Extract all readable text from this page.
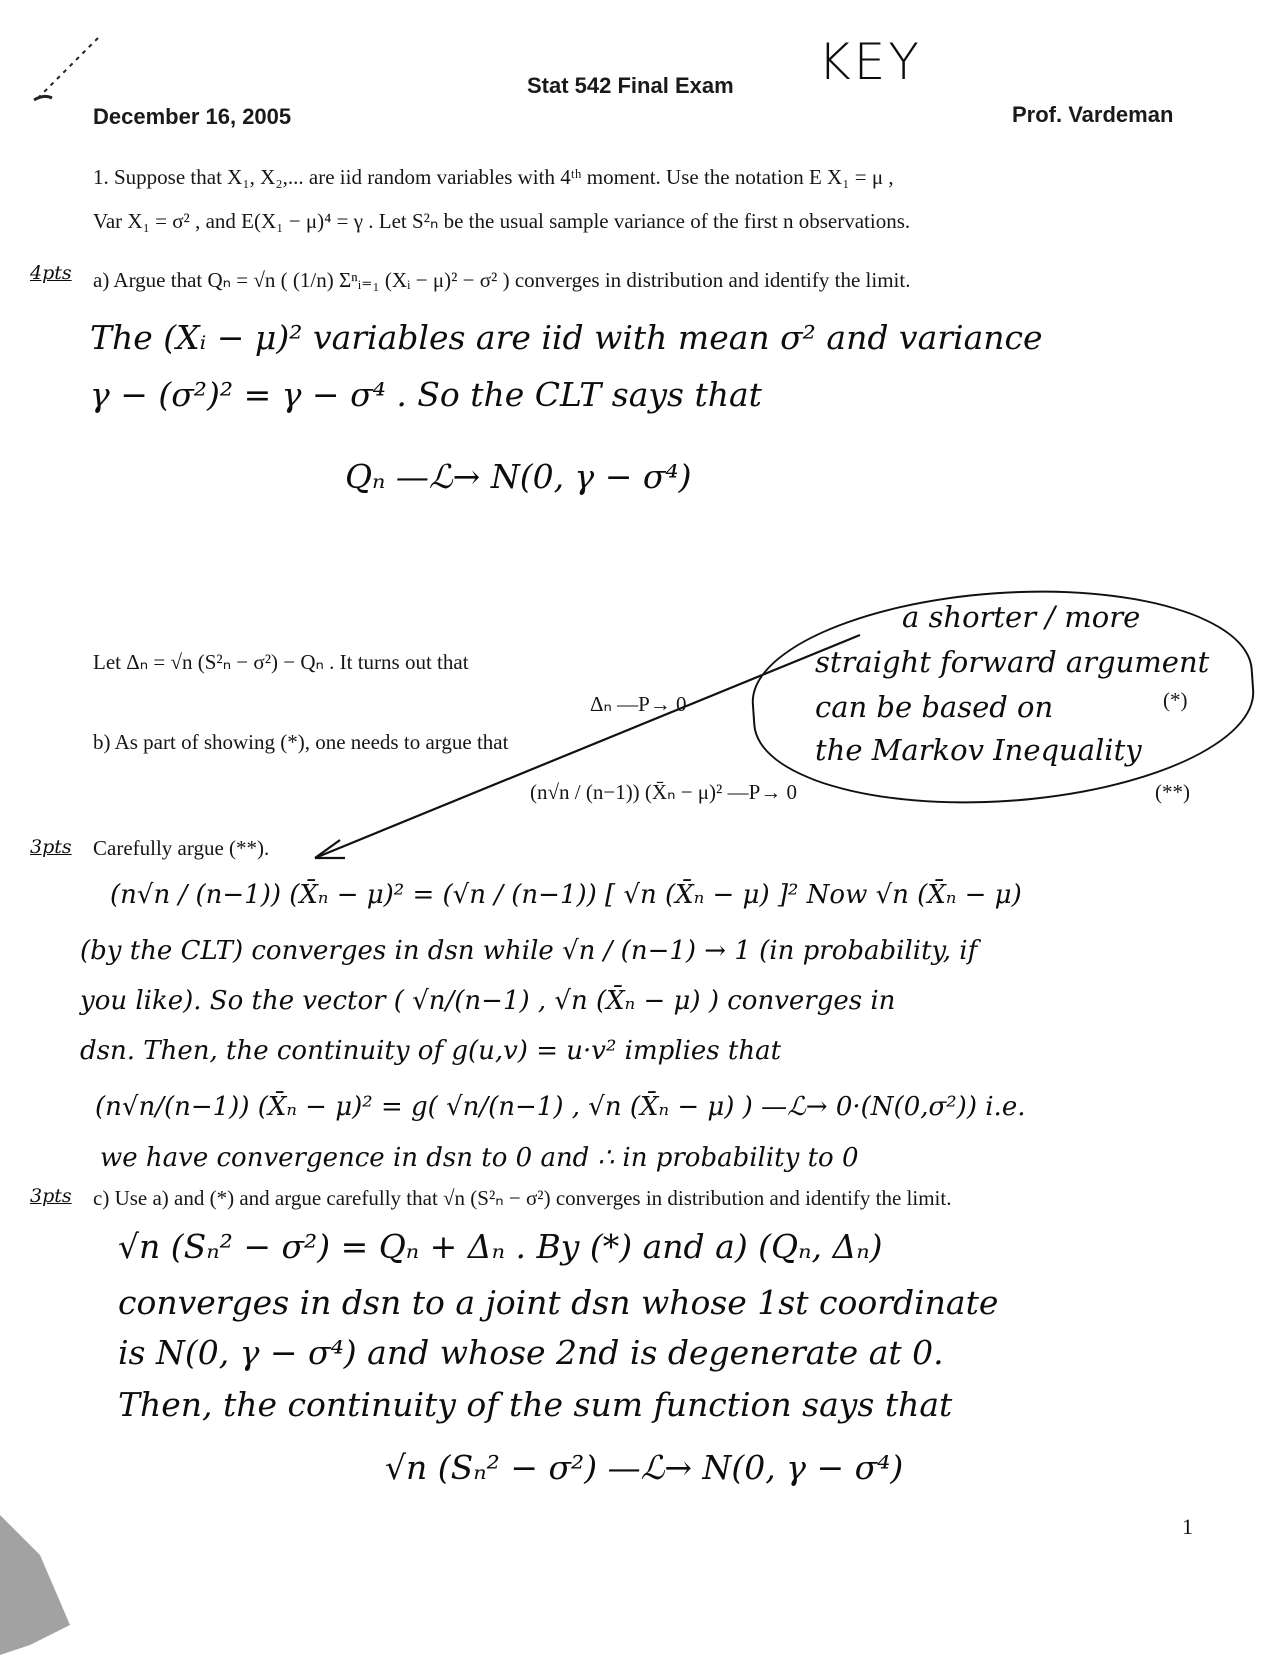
Stat 542 Final Exam KEY
December 16, 2005	Prof. Vardeman
1. Suppose that X₁, X₂,... are iid random variables with 4ᵗʰ moment. Use the notation E X₁ = μ ,
Var X₁ = σ² , and E(X₁ − μ)⁴ = γ . Let S²ₙ be the usual sample variance of the first n observations.
4pts a) Argue that Qₙ = √n ( (1/n) Σⁿᵢ₌₁ (Xᵢ − μ)² − σ² ) converges in distribution and identify the limit.
The (Xᵢ − μ)² variables are iid with mean σ² and variance
γ − (σ²)² = γ − σ⁴ . So the CLT says that
Qₙ —ℒ→ N(0, γ − σ⁴)
Let Δₙ = √n (S²ₙ − σ²) − Qₙ . It turns out that
Δₙ —P→ 0	(*)
a shorter / more
straight forward argument
can be based on
the Markov Inequality
b) As part of showing (*), one needs to argue that
(n√n / (n−1)) (X̄ₙ − μ)² —P→ 0	(**)
3pts Carefully argue (**).
(n√n / (n−1)) (X̄ₙ − μ)² = (√n / (n−1)) [ √n (X̄ₙ − μ) ]² Now √n (X̄ₙ − μ)
(by the CLT) converges in dsn while √n / (n−1) → 1 (in probability, if
you like). So the vector ( √n/(n−1) , √n (X̄ₙ − μ) ) converges in
dsn. Then, the continuity of g(u,v) = u·v² implies that
(n√n/(n−1)) (X̄ₙ − μ)² = g( √n/(n−1) , √n (X̄ₙ − μ) ) —ℒ→ 0·(N(0,σ²)) i.e.
we have convergence in dsn to 0 and ∴ in probability to 0
3pts c) Use a) and (*) and argue carefully that √n (S²ₙ − σ²) converges in distribution and identify the limit.
√n (Sₙ² − σ²) = Qₙ + Δₙ . By (*) and a) (Qₙ, Δₙ)
converges in dsn to a joint dsn whose 1st coordinate
is N(0, γ − σ⁴) and whose 2nd is degenerate at 0.
Then, the continuity of the sum function says that
√n (Sₙ² − σ²) —ℒ→ N(0, γ − σ⁴)
1
